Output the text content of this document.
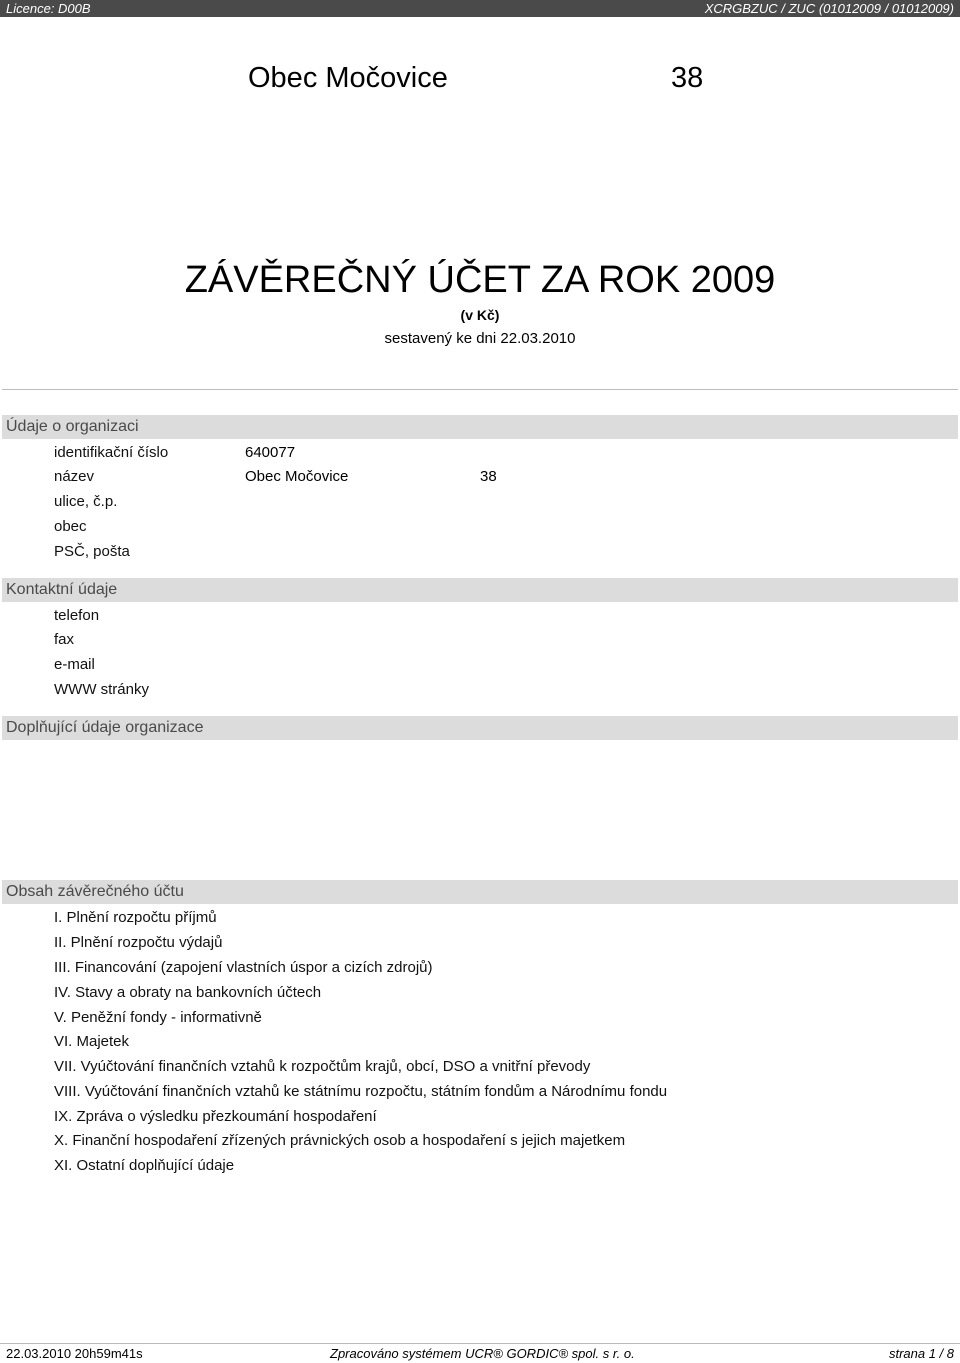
Licence: D00B	XCRGBZUC / ZUC (01012009 / 01012009)
Obec Močovice	38
ZÁVĚREČNÝ ÚČET ZA ROK 2009
(v Kč)
sestavený ke dni 22.03.2010
Údaje o organizaci
identifikační číslo	640077
název	Obec Močovice	38
ulice, č.p.
obec
PSČ, pošta
Kontaktní údaje
telefon
fax
e-mail
WWW stránky
Doplňující údaje organizace
Obsah závěrečného účtu
I. Plnění rozpočtu příjmů
II. Plnění rozpočtu výdajů
III. Financování (zapojení vlastních úspor a cizích zdrojů)
IV. Stavy a obraty na bankovních účtech
V. Peněžní fondy - informativně
VI. Majetek
VII. Vyúčtování finančních vztahů k rozpočtům krajů, obcí, DSO a vnitřní převody
VIII. Vyúčtování finančních vztahů ke státnímu rozpočtu, státním fondům a Národnímu fondu
IX. Zpráva o výsledku přezkoumání hospodaření
X. Finanční hospodaření zřízených právnických osob a hospodaření s jejich majetkem
XI. Ostatní doplňující údaje
22.03.2010 20h59m41s	Zpracováno systémem UCR® GORDIC® spol. s r. o.	strana 1 / 8
